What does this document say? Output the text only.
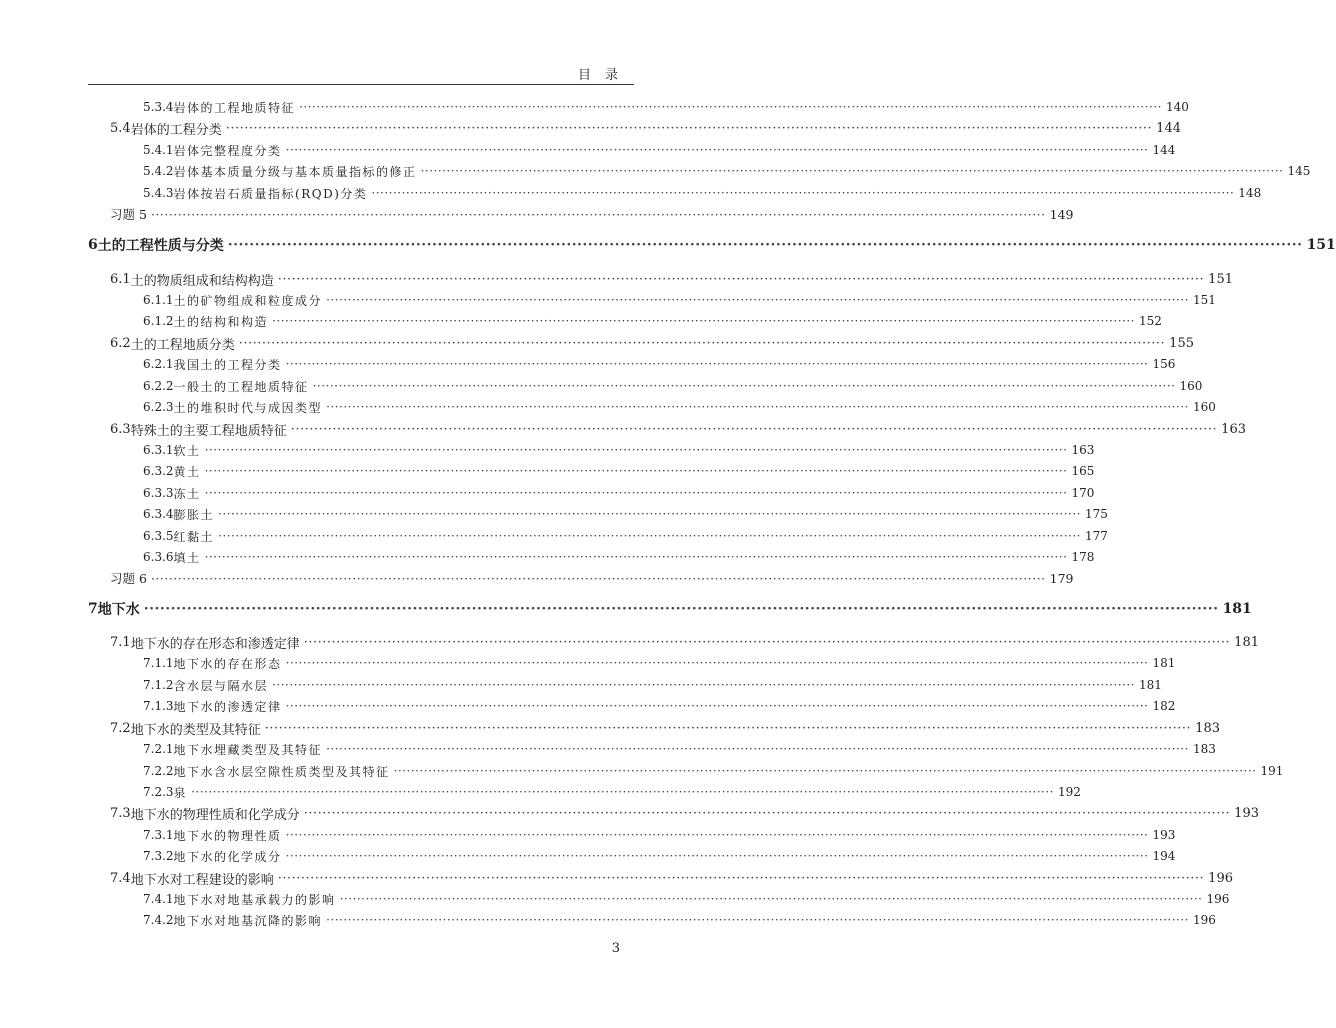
目录
5.3.4 岩体的工程地质特征 ········································································································································································································ 140
5.4 岩体的工程分类 ········································································································································································································ 144
5.4.1 岩体完整程度分类 ········································································································································································································ 144
5.4.2 岩体基本质量分级与基本质量指标的修正 ········································································································································································································ 145
5.4.3 岩体按岩石质量指标(RQD)分类 ········································································································································································································ 148
习题 5 ········································································································································································································ 149
6 土的工程性质与分类 ········································································································································································································ 151
6.1 土的物质组成和结构构造 ········································································································································································································ 151
6.1.1 土的矿物组成和粒度成分 ········································································································································································································ 151
6.1.2 土的结构和构造 ········································································································································································································ 152
6.2 土的工程地质分类 ········································································································································································································ 155
6.2.1 我国土的工程分类 ········································································································································································································ 156
6.2.2 一般土的工程地质特征 ········································································································································································································ 160
6.2.3 土的堆积时代与成因类型 ········································································································································································································ 160
6.3 特殊土的主要工程地质特征 ········································································································································································································ 163
6.3.1 软土 ········································································································································································································ 163
6.3.2 黄土 ········································································································································································································ 165
6.3.3 冻土 ········································································································································································································ 170
6.3.4 膨胀土 ········································································································································································································ 175
6.3.5 红黏土 ········································································································································································································ 177
6.3.6 填土 ········································································································································································································ 178
习题 6 ········································································································································································································ 179
7 地下水 ········································································································································································································ 181
7.1 地下水的存在形态和渗透定律 ········································································································································································································ 181
7.1.1 地下水的存在形态 ········································································································································································································ 181
7.1.2 含水层与隔水层 ········································································································································································································ 181
7.1.3 地下水的渗透定律 ········································································································································································································ 182
7.2 地下水的类型及其特征 ········································································································································································································ 183
7.2.1 地下水埋藏类型及其特征 ········································································································································································································ 183
7.2.2 地下水含水层空隙性质类型及其特征 ········································································································································································································ 191
7.2.3 泉 ········································································································································································································ 192
7.3 地下水的物理性质和化学成分 ········································································································································································································ 193
7.3.1 地下水的物理性质 ········································································································································································································ 193
7.3.2 地下水的化学成分 ········································································································································································································ 194
7.4 地下水对工程建设的影响 ········································································································································································································ 196
7.4.1 地下水对地基承载力的影响 ········································································································································································································ 196
7.4.2 地下水对地基沉降的影响 ········································································································································································································ 196
3
